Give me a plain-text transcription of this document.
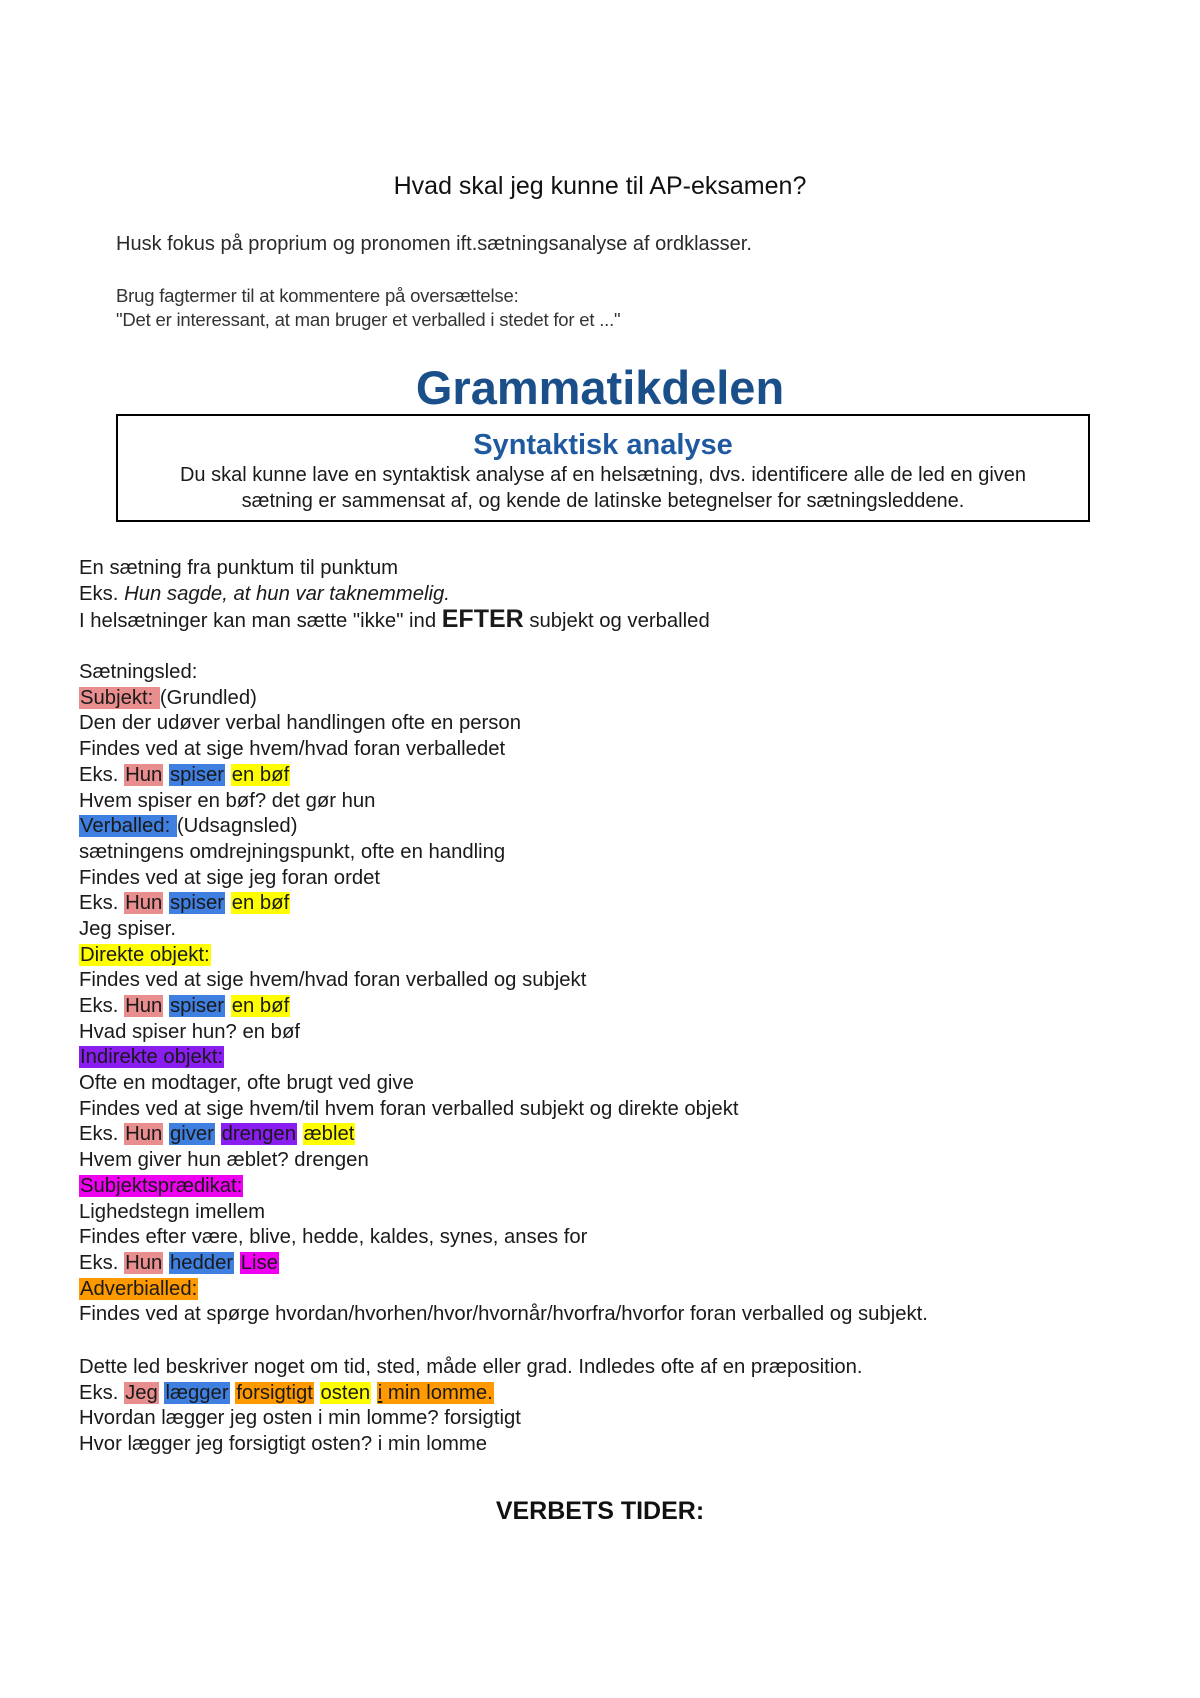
Hvad skal jeg kunne til AP-eksamen?
Husk fokus på proprium og pronomen ift.sætningsanalyse af ordklasser.
Brug fagtermer til at kommentere på oversættelse:
"Det er interessant, at man bruger et verballed i stedet for et ..."
Grammatikdelen
Syntaktisk analyse
Du skal kunne lave en syntaktisk analyse af en helsætning, dvs. identificere alle de led en given
sætning er sammensat af, og kende de latinske betegnelser for sætningsleddene.
En sætning fra punktum til punktum
Eks. Hun sagde, at hun var taknemmelig.
I helsætninger kan man sætte "ikke" ind EFTER subjekt og verballed
Sætningsled:
Subjekt: (Grundled)
Den der udøver verbal handlingen ofte en person
Findes ved at sige hvem/hvad foran verballedet
Eks. Hun spiser en bøf
Hvem spiser en bøf? det gør hun
Verballed: (Udsagnsled)
sætningens omdrejningspunkt, ofte en handling
Findes ved at sige jeg foran ordet
Eks. Hun spiser en bøf
Jeg spiser.
Direkte objekt:
Findes ved at sige hvem/hvad foran verballed og subjekt
Eks. Hun spiser en bøf
Hvad spiser hun? en bøf
Indirekte objekt:
Ofte en modtager, ofte brugt ved give
Findes ved at sige hvem/til hvem foran verballed subjekt og direkte objekt
Eks. Hun giver drengen æblet
Hvem giver hun æblet? drengen
Subjektsprædikat:
Lighedstegn imellem
Findes efter være, blive, hedde, kaldes, synes, anses for
Eks. Hun hedder Lise
Adverbialled:
Findes ved at spørge hvordan/hvorhen/hvor/hvornår/hvorfra/hvorfor foran verballed og subjekt.
Dette led beskriver noget om tid, sted, måde eller grad. Indledes ofte af en præposition.
Eks. Jeg lægger forsigtigt osten i min lomme.
Hvordan lægger jeg osten i min lomme? forsigtigt
Hvor lægger jeg forsigtigt osten? i min lomme
VERBETS TIDER:
